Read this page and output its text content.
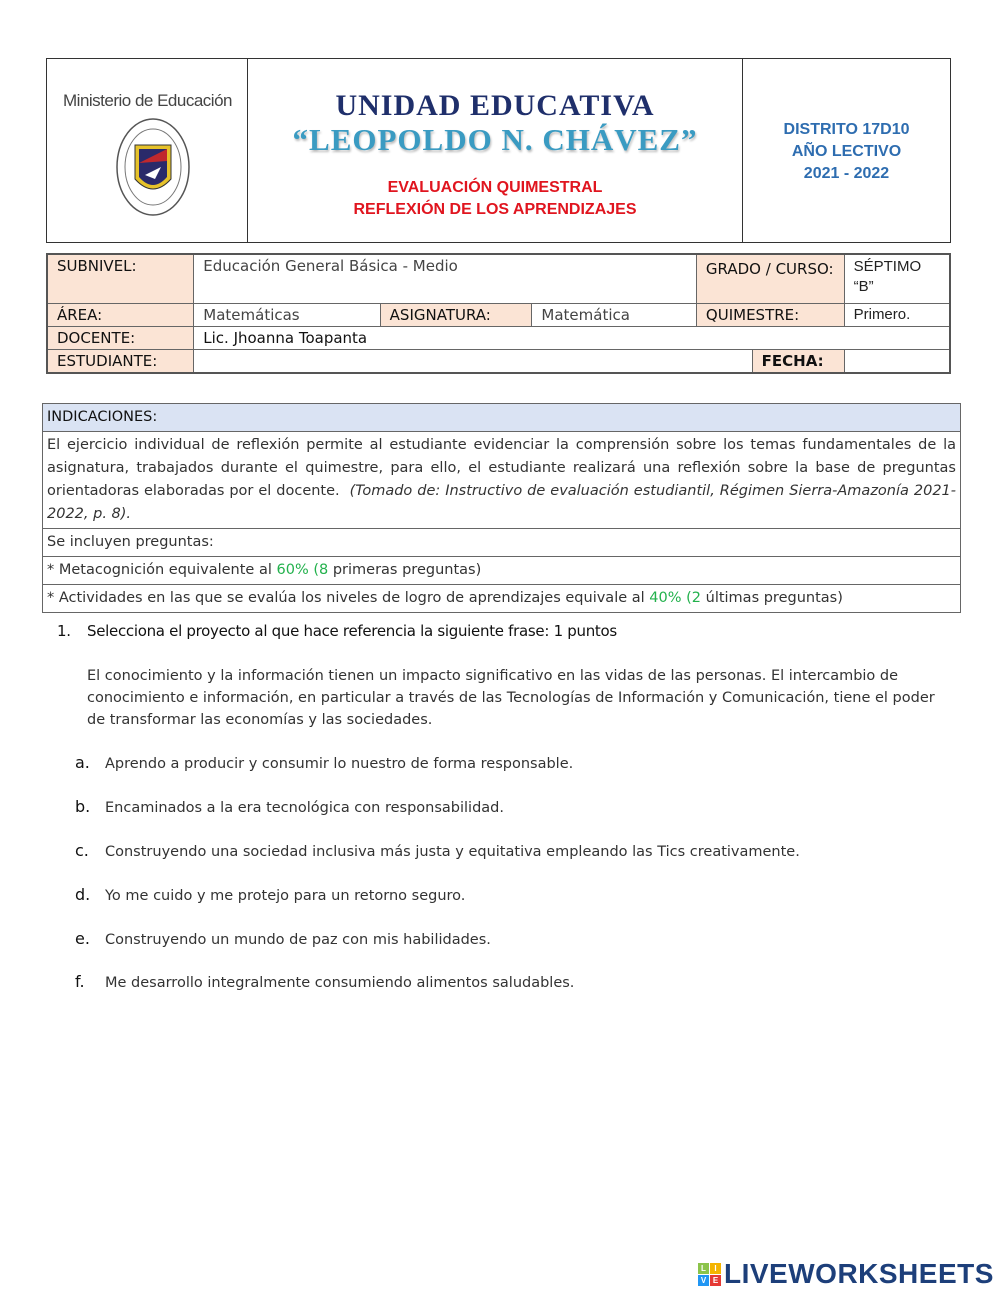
Ministerio de Educación	UNIDAD EDUCATIVA
“LEOPOLDO N. CHÁVEZ”
EVALUACIÓN QUIMESTRAL
REFLEXIÓN DE LOS APRENDIZAJES
DISTRITO 17D10
AÑO LECTIVO
2021 - 2022
SUBNIVEL:	Educación General Básica - Medio			GRADO / CURSO:		SÉPTIMO “B”
ÁREA:	Matemáticas	ASIGNATURA:	Matemática	QUIMESTRE:		Primero.
DOCENTE:	Lic. Jhoanna Toapanta					
ESTUDIANTE:					FECHA:	
INDICACIONES:
El ejercicio individual de reflexión permite al estudiante evidenciar la comprensión sobre los temas fundamentales de la asignatura, trabajados durante el quimestre, para ello, el estudiante realizará una reflexión sobre la base de preguntas orientadoras elaboradas por el docente. (Tomado de: Instructivo de evaluación estudiantil, Régimen Sierra-Amazonía 2021-2022, p. 8).
Se incluyen preguntas:
* Metacognición equivalente al 60% (8 primeras preguntas)
* Actividades en las que se evalúa los niveles de logro de aprendizajes equivale al 40% (2 últimas preguntas)
1. Selecciona el proyecto al que hace referencia la siguiente frase: 1 puntos
El conocimiento y la información tienen un impacto significativo en las vidas de las personas. El intercambio de conocimiento e información, en particular a través de las Tecnologías de Información y Comunicación, tiene el poder de transformar las economías y las sociedades.
a. Aprendo a producir y consumir lo nuestro de forma responsable.
b. Encaminados a la era tecnológica con responsabilidad.
c. Construyendo una sociedad inclusiva más justa y equitativa empleando las Tics creativamente.
d. Yo me cuido y me protejo para un retorno seguro.
e. Construyendo un mundo de paz con mis habilidades.
f. Me desarrollo integralmente consumiendo alimentos saludables.
L	I
V E LIVEWORKSHEETS
